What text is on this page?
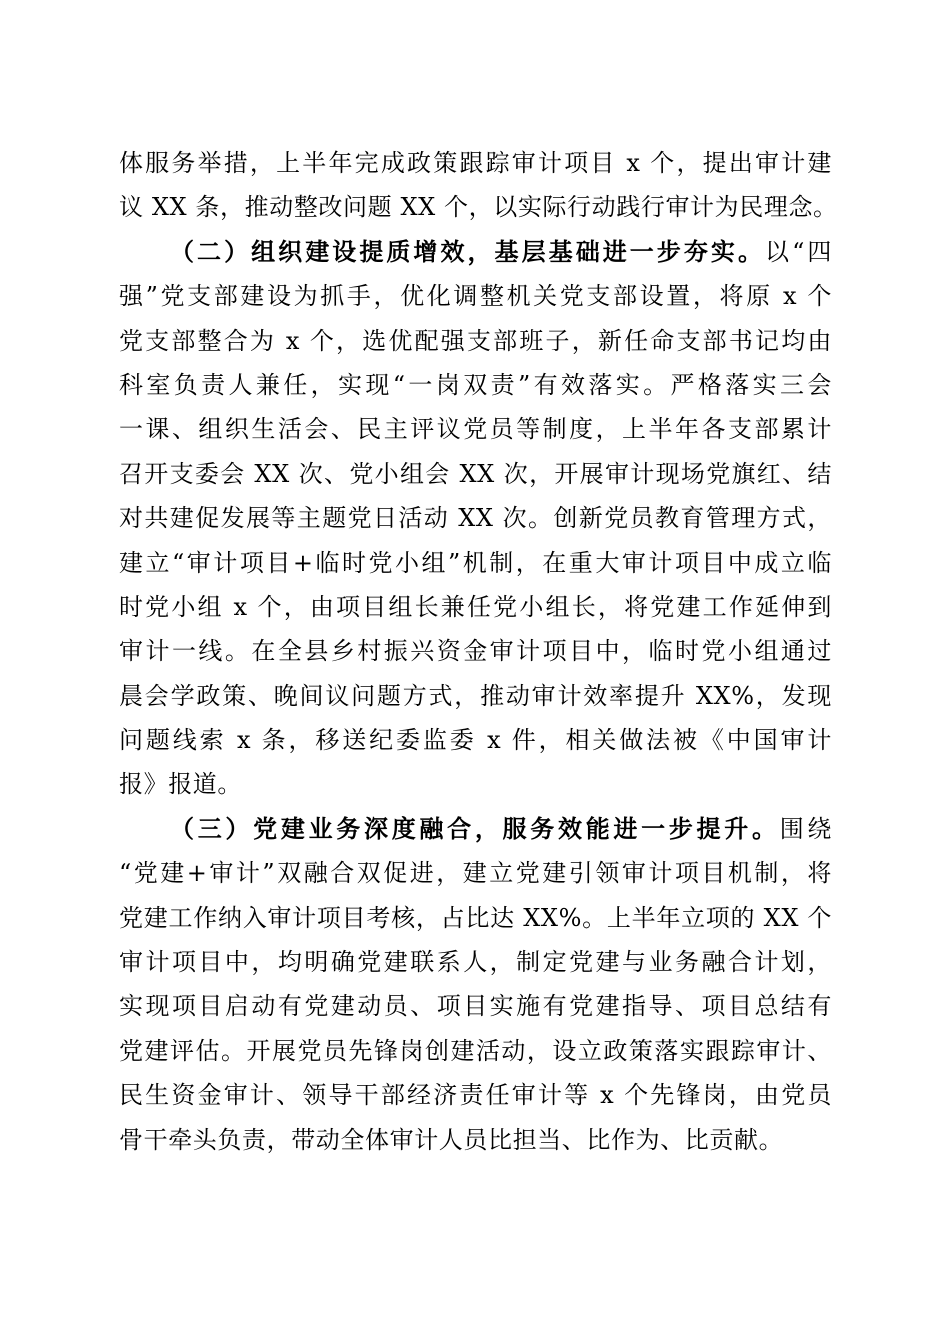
体服务举措，上半年完成政策跟踪审计项目 x 个，提出审计建
议 XX 条，推动整改问题 XX 个，以实际行动践行审计为民理念。
（二）组织建设提质增效，基层基础进一步夯实。以“四
强”党支部建设为抓手，优化调整机关党支部设置，将原 x 个
党支部整合为 x 个，选优配强支部班子，新任命支部书记均由
科室负责人兼任，实现“一岗双责”有效落实。严格落实三会
一课、组织生活会、民主评议党员等制度，上半年各支部累计
召开支委会 XX 次、党小组会 XX 次，开展审计现场党旗红、结
对共建促发展等主题党日活动 XX 次。创新党员教育管理方式，
建立“审计项目+临时党小组”机制，在重大审计项目中成立临
时党小组 x 个，由项目组长兼任党小组长，将党建工作延伸到
审计一线。在全县乡村振兴资金审计项目中，临时党小组通过
晨会学政策、晚间议问题方式，推动审计效率提升 XX%，发现
问题线索 x 条，移送纪委监委 x 件，相关做法被《中国审计
报》报道。
（三）党建业务深度融合，服务效能进一步提升。围绕
“党建+审计”双融合双促进，建立党建引领审计项目机制，将
党建工作纳入审计项目考核，占比达 XX%。上半年立项的 XX 个
审计项目中，均明确党建联系人，制定党建与业务融合计划，
实现项目启动有党建动员、项目实施有党建指导、项目总结有
党建评估。开展党员先锋岗创建活动，设立政策落实跟踪审计、
民生资金审计、领导干部经济责任审计等 x 个先锋岗，由党员
骨干牵头负责，带动全体审计人员比担当、比作为、比贡献。
